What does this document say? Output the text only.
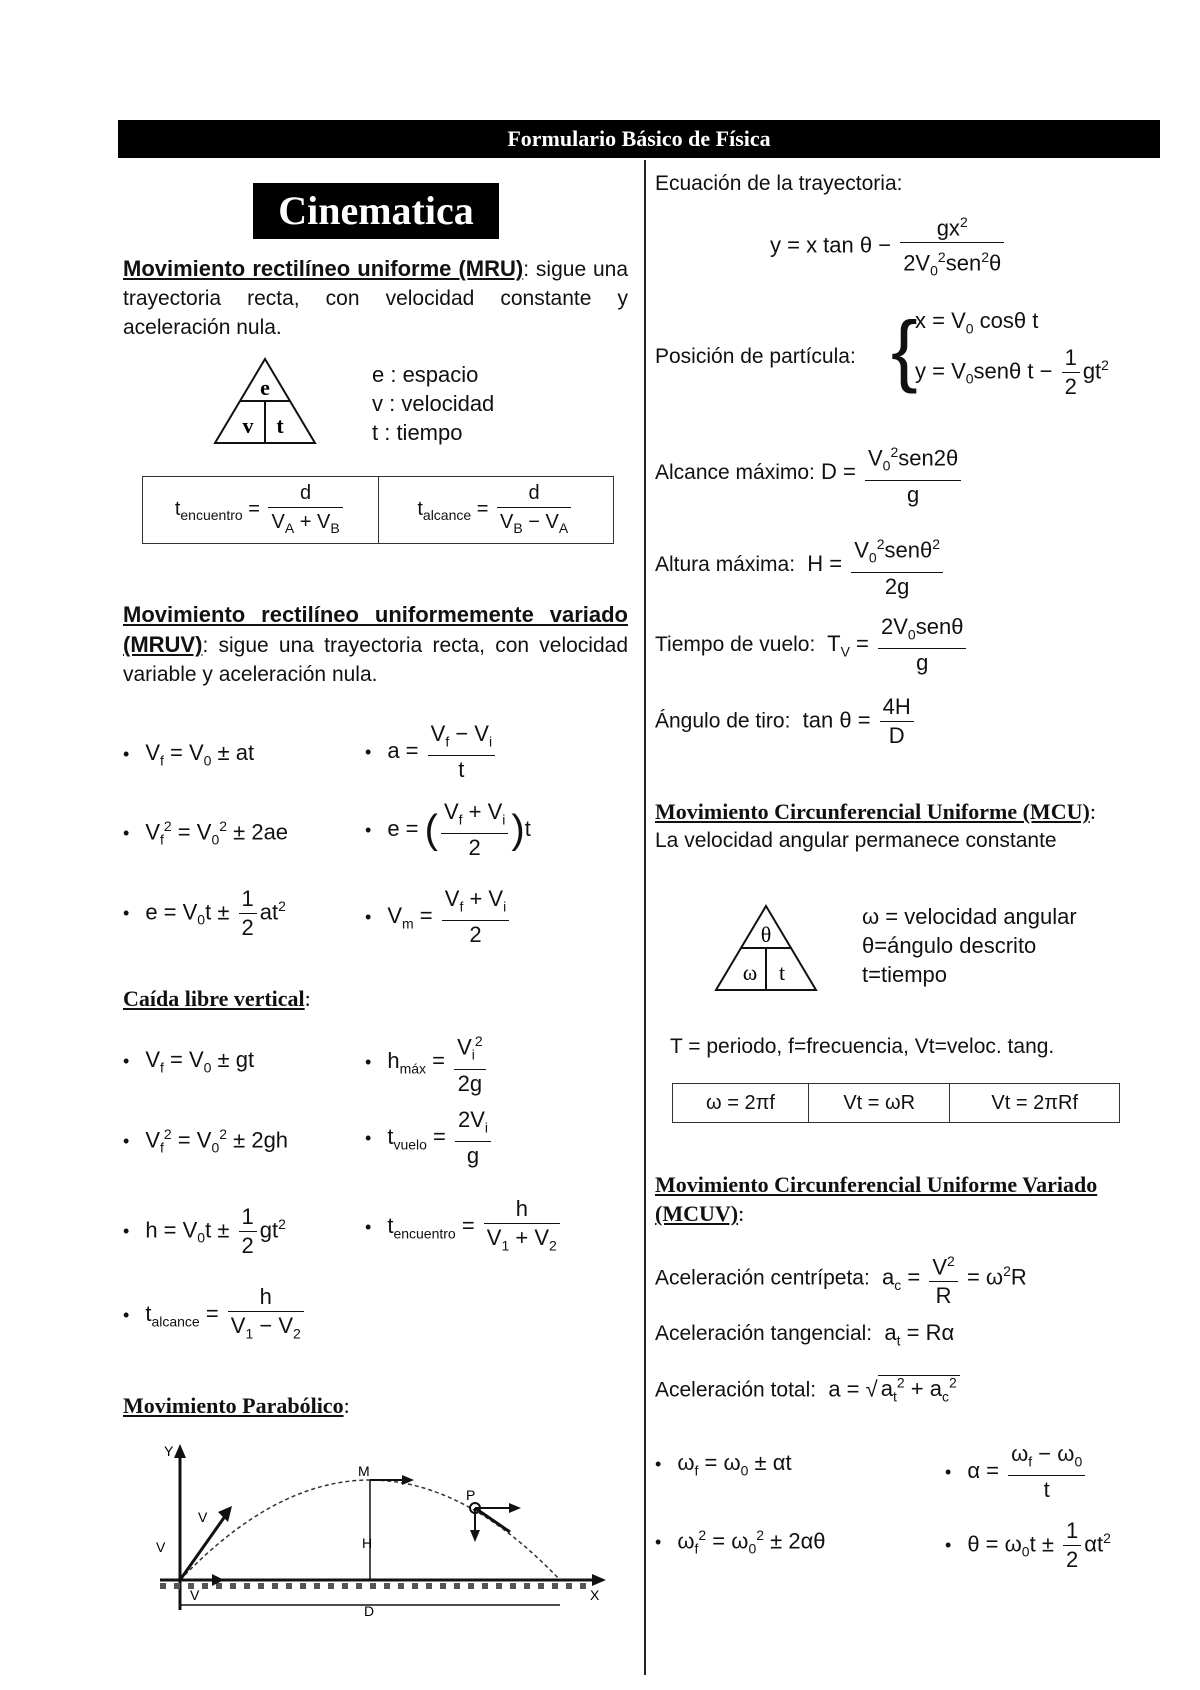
Formulario Básico de Física
Cinematica
Movimiento rectilíneo uniforme (MRU): sigue una trayectoria recta, con velocidad constante y aceleración nula.
e
v t
e : espacio
v : velocidad
t : tiempo
$t_{encuentro} = \frac{d}{V_A + V_B}$	$t_{alcance} = \frac{d}{V_B - V_A}$
Movimiento rectilíneo uniformemente variado (MRUV): sigue una trayectoria recta, con velocidad variable y aceleración nula.
• $V_f = V_0$ ± at	• $a = \frac{V_f - V_i}{t}$
• $V_f^2 = V_0^2 \pm 2ae$	• e = ( $\frac{V_f + V_i}{2} )t$
• $e = V_0t \pm \frac{1}{2} at^2$
• $V_m = \frac{V_f + V_i}{2}$
Caída libre vertical:
• $V_f = V_0$ ± gt	• $h_{máx} = \frac{V_i^2}{2g}$
• $V_f^2 = V_0^2 \pm 2gh$	• $t_{vuelo} = \frac{2V_i}{g}$
• $h = V_0t \pm \frac{1}{2} gt^2$	• $t_{encuentro} = \frac{h}{V_1 + V_2}$
• $t_{alcance} = \frac{h}{V_1 - V_2}$
Movimiento Parabólico:
Y
X
M
P
H
D
V
V
V
Ecuación de la trayectoria:
y = x $\tan \theta - \frac{gx^2}{2V_0^2sen^2\theta}$
Posición de partícula: {
$x = V_0$ cosθ t
$y = V_0sen\theta$ $t - \frac{1}{2} gt^2$
Alcance máximo: $D = \frac{V_0^2sen2\theta}{g}$
Altura máxima:  $H = \frac{V_0^2sen\theta^2}{2g}$
Tiempo de vuelo:  $T_V = \frac{2V_0sen\theta}{g}$
Ángulo de tiro:  $\tan \theta = \frac{4H}{D}$
Movimiento Circunferencial Uniforme (MCU):
La velocidad angular permanece constante
θ
ω t
ω = velocidad angular
θ=ángulo descrito
t=tiempo
T = periodo, f=frecuencia, Vt=veloc. tang.
ω = 2πf	Vt = ωR	Vt = 2πRf
Movimiento Circunferencial Uniforme Variado (MCUV):
Aceleración centrípeta:  $a_c = \frac{V^2}{R} = \omega^2R$
Aceleración tangencial:  $a_t = R\alpha$
Aceleración total:  a = √ $a_t^2 + a_c^2$
• $\omega_f = \omega_0 \pm \alpha t$	• $\alpha = \frac{\omega_f - \omega_0}{t}$
• $\omega_f^2 = \omega_0^2 \pm 2\alpha\theta$	• $\theta = \omega_0t \pm \frac{1}{2} \alpha t^2$
